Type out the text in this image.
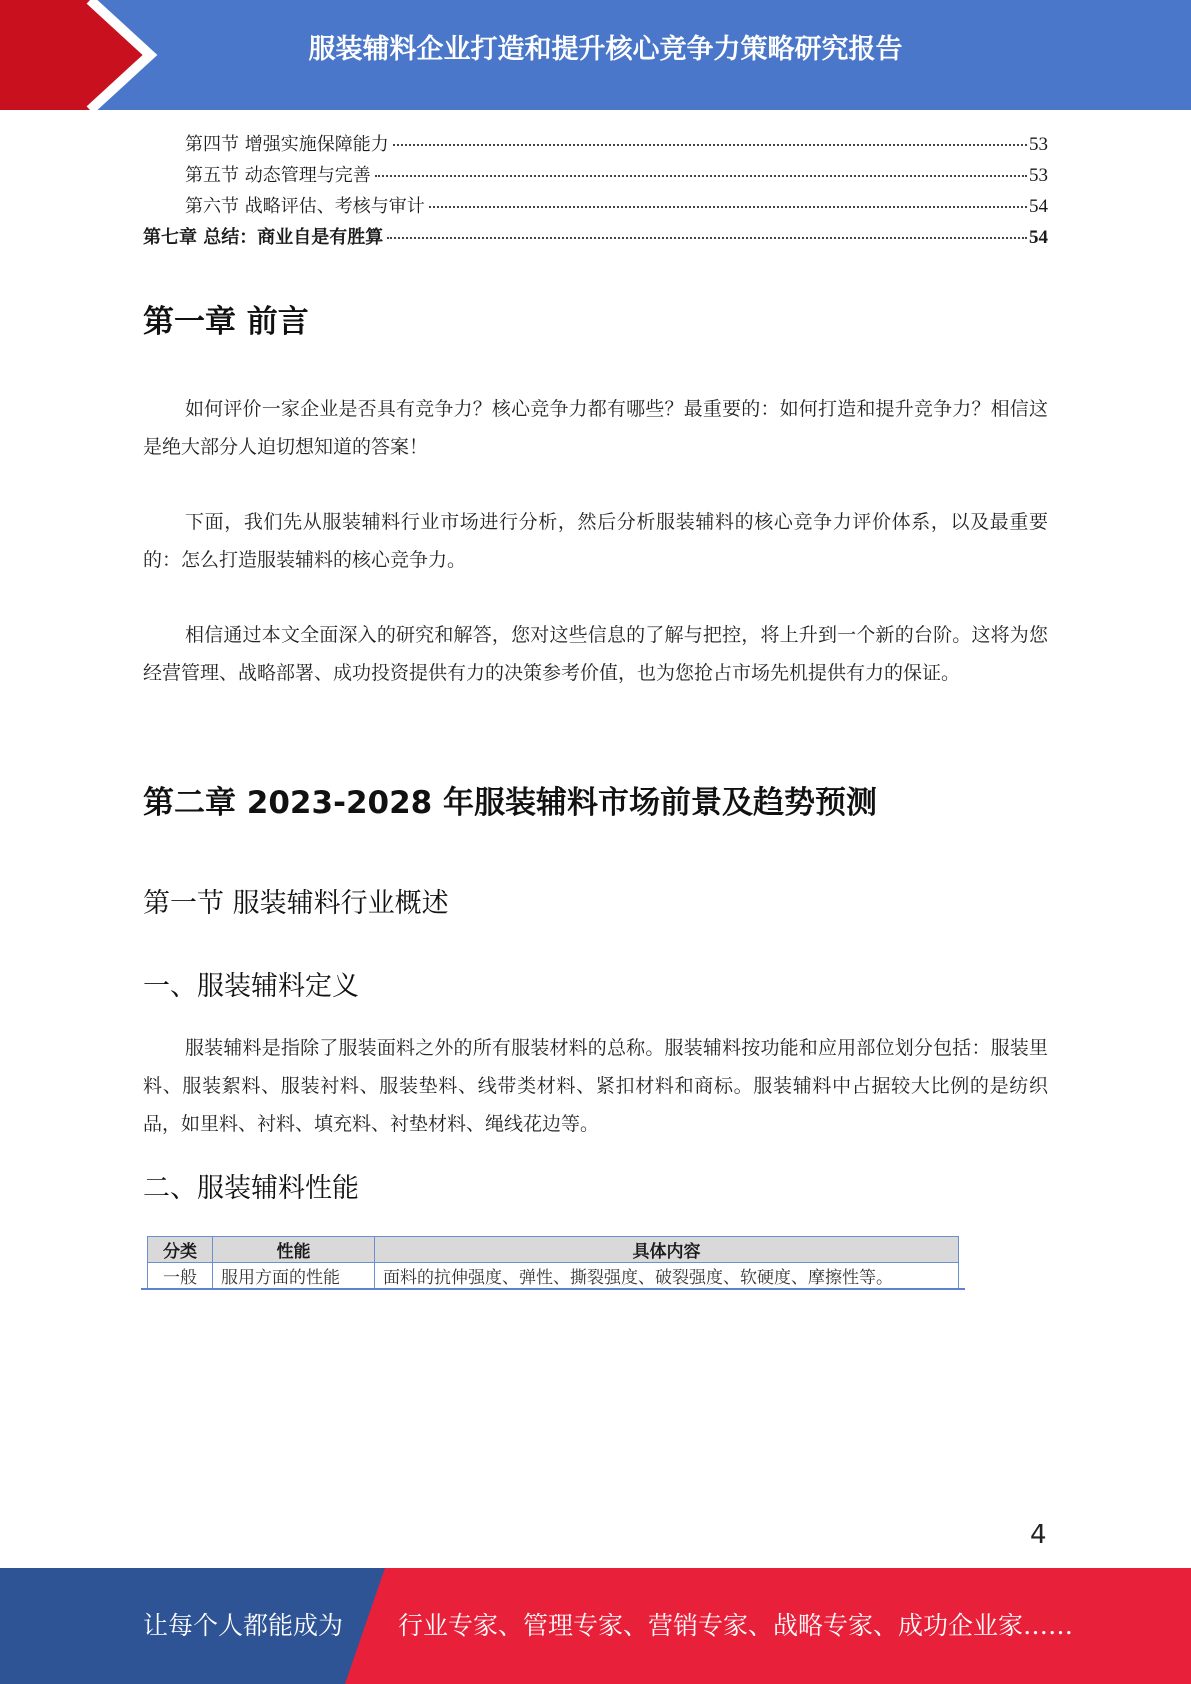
服装辅料企业打造和提升核心竞争力策略研究报告
第四节 增强实施保障能力	53
第五节 动态管理与完善	53
第六节 战略评估、考核与审计	54
第七章 总结：商业自是有胜算	54
第一章 前言

如何评价一家企业是否具有竞争力？核心竞争力都有哪些？最重要的：如何打造和提升竞争力？相信这是绝大部分人迫切想知道的答案！

下面，我们先从服装辅料行业市场进行分析，然后分析服装辅料的核心竞争力评价体系，以及最重要的：怎么打造服装辅料的核心竞争力。

相信通过本文全面深入的研究和解答，您对这些信息的了解与把控，将上升到一个新的台阶。这将为您经营管理、战略部署、成功投资提供有力的决策参考价值，也为您抢占市场先机提供有力的保证。

第二章 2023-2028 年服装辅料市场前景及趋势预测
第一节 服装辅料行业概述
一、服装辅料定义

服装辅料是指除了服装面料之外的所有服装材料的总称。服装辅料按功能和应用部位划分包括：服装里料、服装絮料、服装衬料、服装垫料、线带类材料、紧扣材料和商标。服装辅料中占据较大比例的是纺织品，如里料、衬料、填充料、衬垫材料、绳线花边等。

二、服装辅料性能
分类	性能	具体内容
一般	服用方面的性能	面料的抗伸强度、弹性、撕裂强度、破裂强度、软硬度、摩擦性等。
4
让每个人都能成为 行业专家、管理专家、营销专家、战略专家、成功企业家……
